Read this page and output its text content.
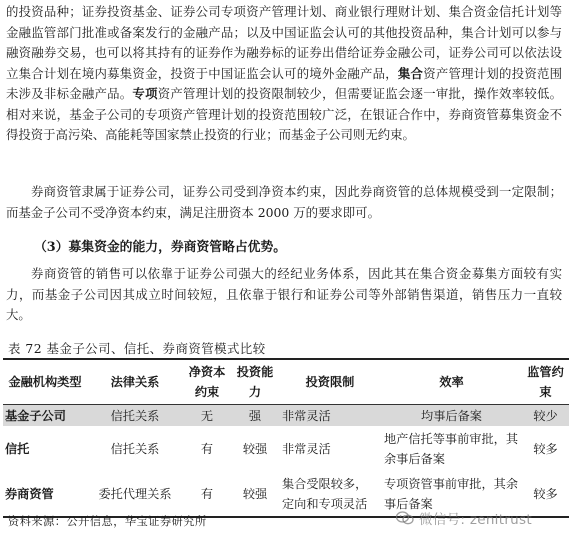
的投资品种；证券投资基金、证券公司专项资产管理计划、商业银行理财计划、集合资金信托计划等金融监管部门批准或备案发行的金融产品；以及中国证监会认可的其他投资品种，集合计划可以参与融资融券交易，也可以将其持有的证券作为融券标的证券出借给证券金融公司，证券公司可以依法设立集合计划在境内募集资金，投资于中国证监会认可的境外金融产品，集合资产管理计划的投资范围未涉及非标金融产品。专项资产管理计划的投资限制较少，但需要证监会逐一审批，操作效率较低。相对来说，基金子公司的专项资产管理计划的投资范围较广泛，在银证合作中，券商资管募集资金不得投资于高污染、高能耗等国家禁止投资的行业；而基金子公司则无约束。

券商资管隶属于证券公司，证券公司受到净资本约束，因此券商资管的总体规模受到一定限制；而基金子公司不受净资本约束，满足注册资本 2000 万的要求即可。

（3）募集资金的能力，券商资管略占优势。

券商资管的销售可以依靠于证券公司强大的经纪业务体系，因此其在集合资金募集方面较有实力，而基金子公司因其成立时间较短，且依靠于银行和证券公司等外部销售渠道，销售压力一直较大。

表 72 基金子公司、信托、券商资管模式比较

金融机构类型	法律关系	净资本约束	投资能力	投资限制	效率	监管约束
基金子公司	信托关系	无	强	非常灵活	均事后备案	较少
信托	信托关系	有	较强	非常灵活	地产信托等事前审批，其余事后备案	较多
券商资管	委托代理关系	有	较强	集合受限较多，定向和专项灵活	专项资管事前审批，其余事后备案	较多

资料来源：公开信息，华宝证券研究所	微信号: zenitrust
